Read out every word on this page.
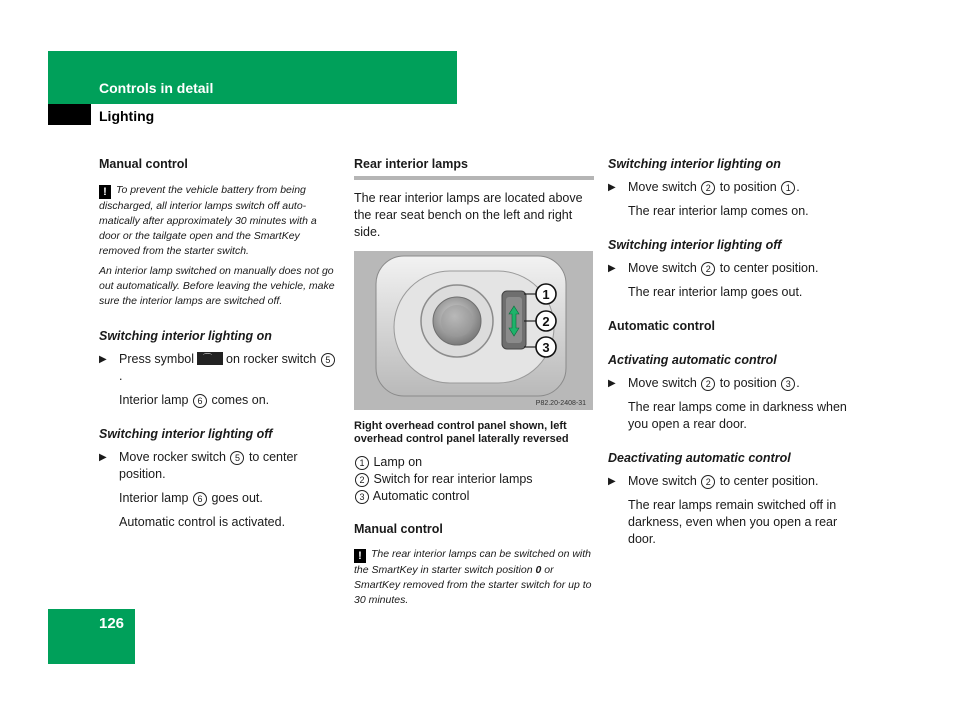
Controls in detail
Lighting

Manual control

! To prevent the vehicle battery from being discharged, all interior lamps switch off auto-matically after approximately 30 minutes with a door or the tailgate open and the SmartKey removed from the starter switch.

An interior lamp switched on manually does not go out automatically. Before leaving the vehicle, make sure the interior lamps are switched off.

Switching interior lighting on

▶ Press symbol ⌒ on rocker switch 5.

Interior lamp 6 comes on.

Switching interior lighting off

▶ Move rocker switch 5 to center position.

Interior lamp 6 goes out.

Automatic control is activated.

Rear interior lamps

The rear interior lamps are located above the rear seat bench on the left and right side.

1
2
3
P82.20-2408-31

Right overhead control panel shown, left overhead control panel laterally reversed

1 Lamp on

2 Switch for rear interior lamps

3 Automatic control

Manual control

! The rear interior lamps can be switched on with the SmartKey in starter switch position 0 or SmartKey removed from the starter switch for up to 30 minutes.

Switching interior lighting on

▶ Move switch 2 to position 1 .

The rear interior lamp comes on.

Switching interior lighting off

▶ Move switch 2 to center position.

The rear interior lamp goes out.

Automatic control

Activating automatic control

▶ Move switch 2 to position 3 .

The rear lamps come in darkness when you open a rear door.

Deactivating automatic control

▶ Move switch 2 to center position.

The rear lamps remain switched off in darkness, even when you open a rear door.

126
